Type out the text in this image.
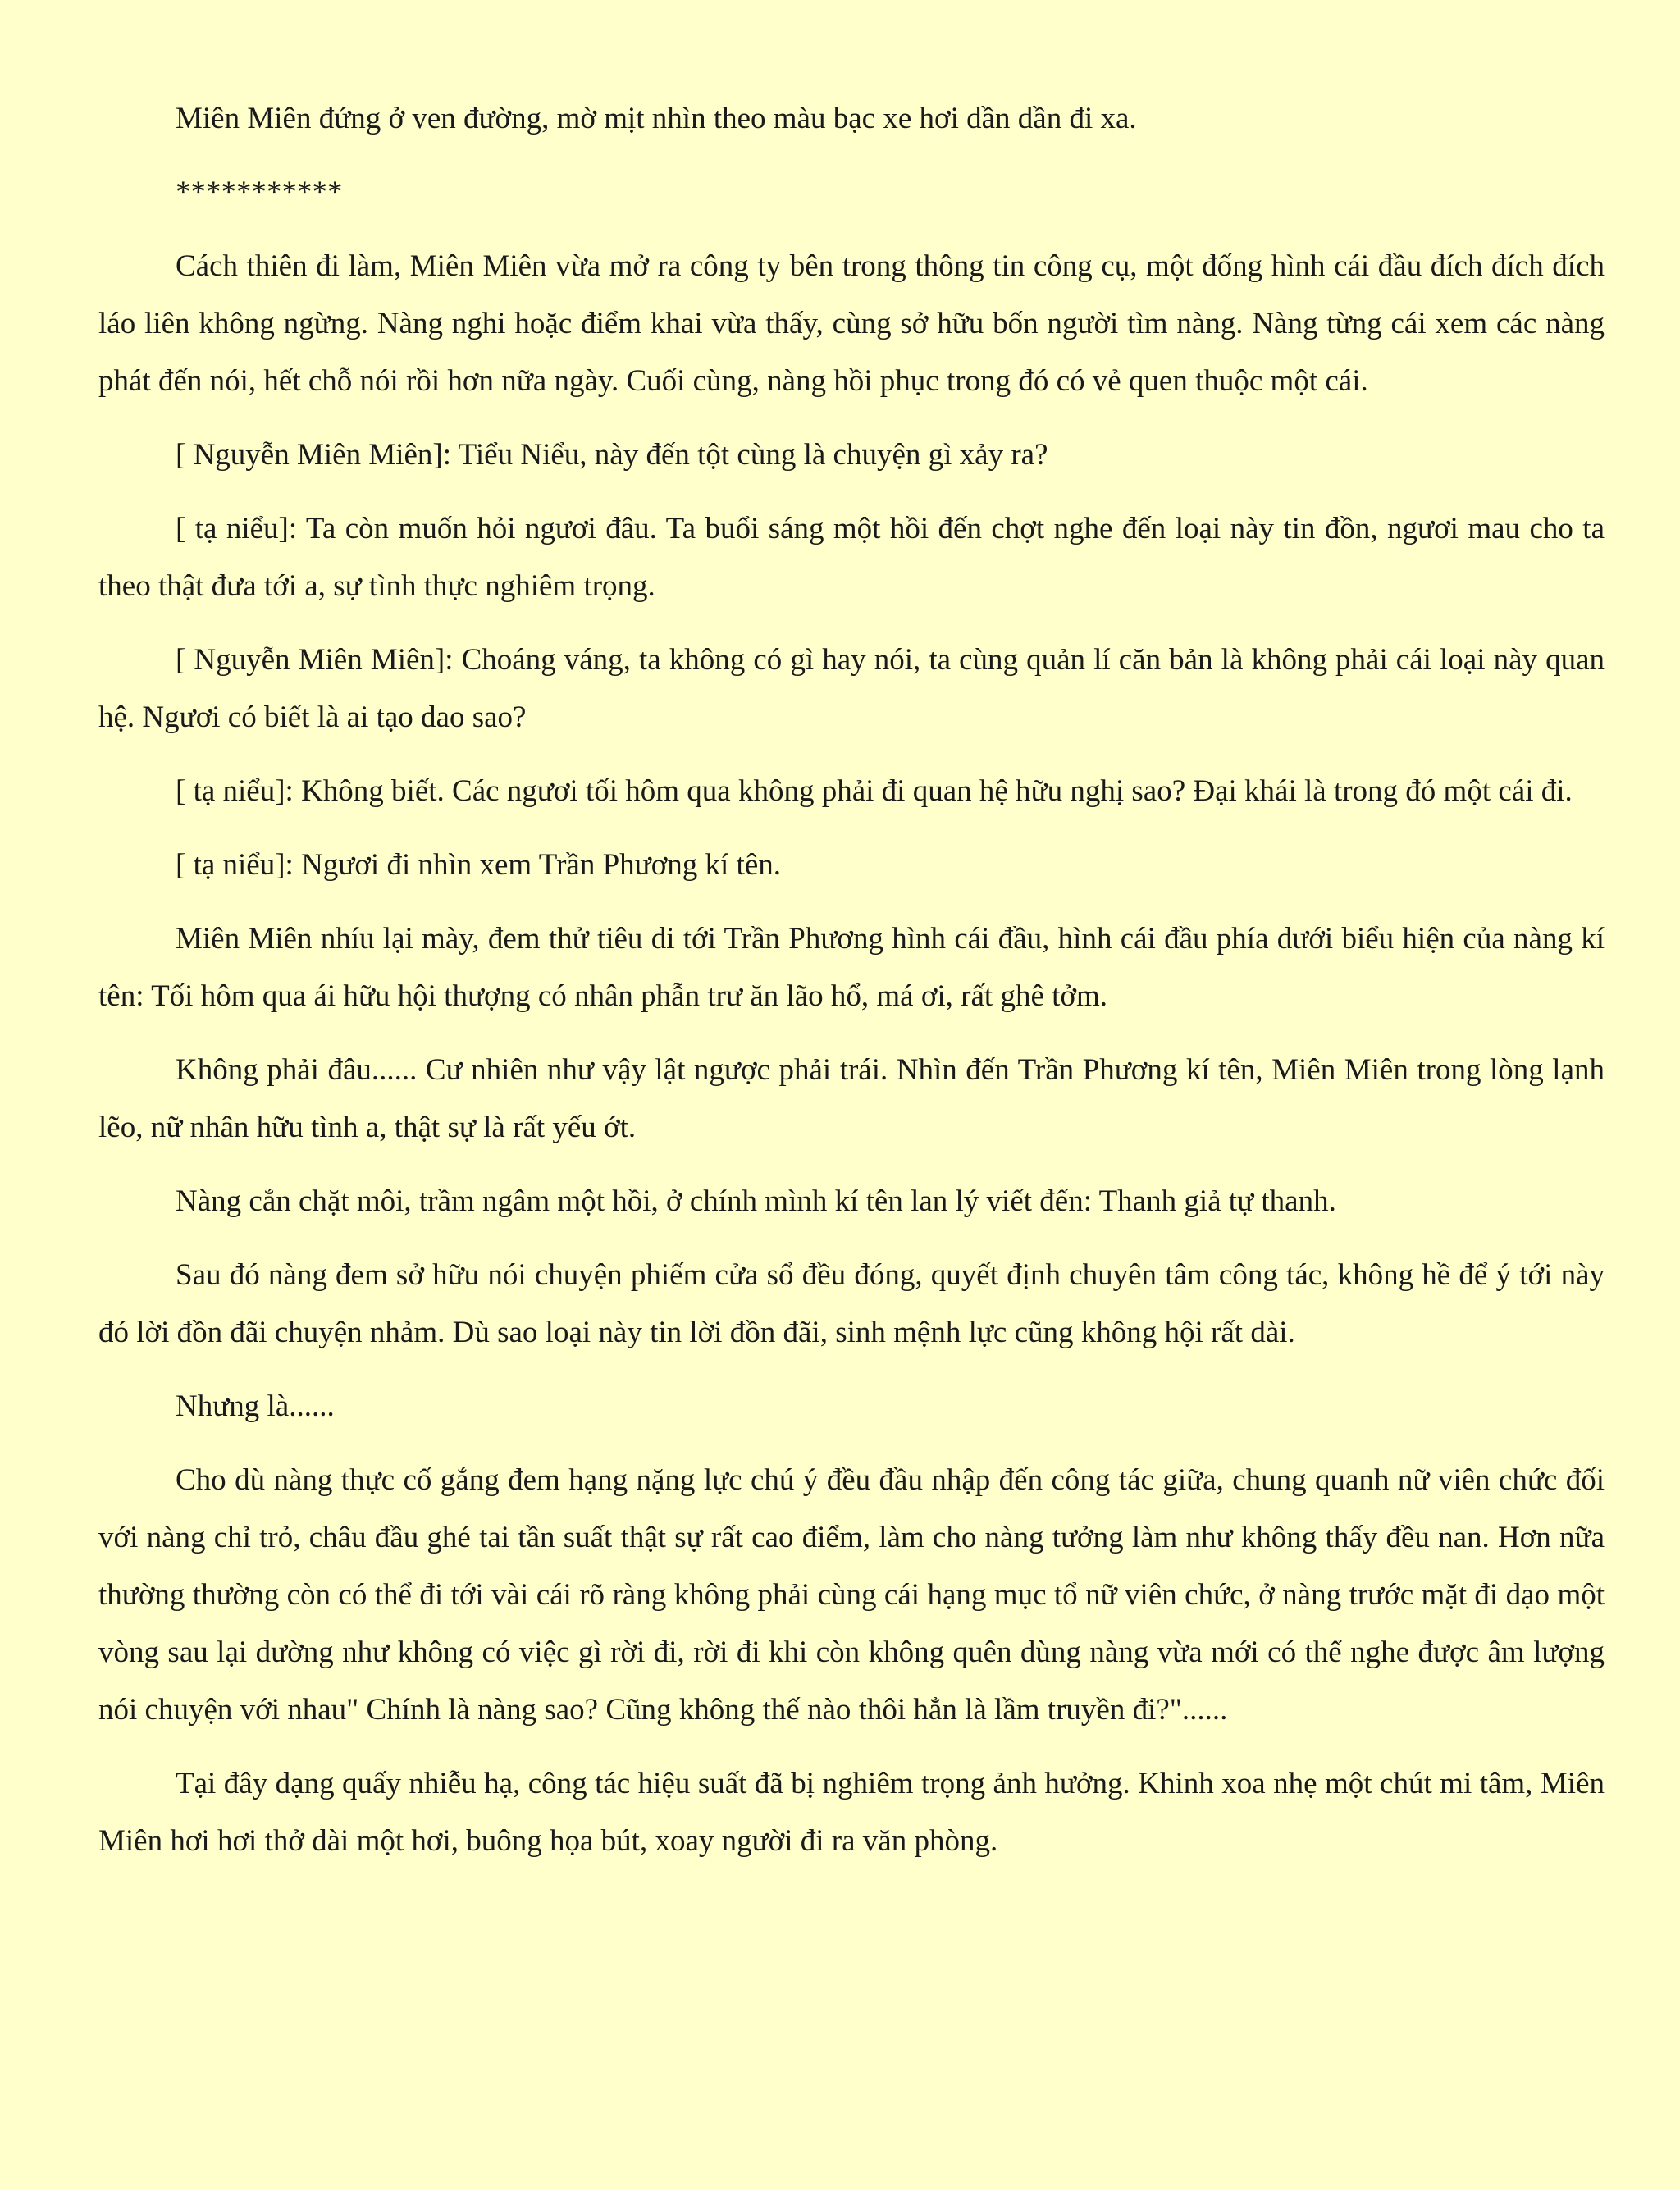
Miên Miên đứng ở ven đường, mờ mịt nhìn theo màu bạc xe hơi dần dần đi xa.

***********

Cách thiên đi làm, Miên Miên vừa mở ra công ty bên trong thông tin công cụ, một đống hình cái đầu đích đích đích láo liên không ngừng. Nàng nghi hoặc điểm khai vừa thấy, cùng sở hữu bốn người tìm nàng. Nàng từng cái xem các nàng phát đến nói, hết chỗ nói rồi hơn nữa ngày. Cuối cùng, nàng hồi phục trong đó có vẻ quen thuộc một cái.

[ Nguyễn Miên Miên]: Tiểu Niểu, này đến tột cùng là chuyện gì xảy ra?

[ tạ niểu]: Ta còn muốn hỏi ngươi đâu. Ta buổi sáng một hồi đến chợt nghe đến loại này tin đồn, ngươi mau cho ta theo thật đưa tới a, sự tình thực nghiêm trọng.

[ Nguyễn Miên Miên]: Choáng váng, ta không có gì hay nói, ta cùng quản lí căn bản là không phải cái loại này quan hệ. Ngươi có biết là ai tạo dao sao?

[ tạ niểu]: Không biết. Các ngươi tối hôm qua không phải đi quan hệ hữu nghị sao? Đại khái là trong đó một cái đi.

[ tạ niểu]: Ngươi đi nhìn xem Trần Phương kí tên.

Miên Miên nhíu lại mày, đem thử tiêu di tới Trần Phương hình cái đầu, hình cái đầu phía dưới biểu hiện của nàng kí tên: Tối hôm qua ái hữu hội thượng có nhân phẫn trư ăn lão hổ, má ơi, rất ghê tởm.

Không phải đâu...... Cư nhiên như vậy lật ngược phải trái. Nhìn đến Trần Phương kí tên, Miên Miên trong lòng lạnh lẽo, nữ nhân hữu tình a, thật sự là rất yếu ớt.

Nàng cắn chặt môi, trầm ngâm một hồi, ở chính mình kí tên lan lý viết đến: Thanh giả tự thanh.

Sau đó nàng đem sở hữu nói chuyện phiếm cửa sổ đều đóng, quyết định chuyên tâm công tác, không hề để ý tới này đó lời đồn đãi chuyện nhảm. Dù sao loại này tin lời đồn đãi, sinh mệnh lực cũng không hội rất dài.

Nhưng là......

Cho dù nàng thực cố gắng đem hạng nặng lực chú ý đều đầu nhập đến công tác giữa, chung quanh nữ viên chức đối với nàng chỉ trỏ, châu đầu ghé tai tần suất thật sự rất cao điểm, làm cho nàng tưởng làm như không thấy đều nan. Hơn nữa thường thường còn có thể đi tới vài cái rõ ràng không phải cùng cái hạng mục tổ nữ viên chức, ở nàng trước mặt đi dạo một vòng sau lại dường như không có việc gì rời đi, rời đi khi còn không quên dùng nàng vừa mới có thể nghe được âm lượng nói chuyện với nhau" Chính là nàng sao? Cũng không thế nào thôi hẳn là lầm truyền đi?"......

Tại đây dạng quấy nhiễu hạ, công tác hiệu suất đã bị nghiêm trọng ảnh hưởng. Khinh xoa nhẹ một chút mi tâm, Miên Miên hơi hơi thở dài một hơi, buông họa bút, xoay người đi ra văn phòng.
